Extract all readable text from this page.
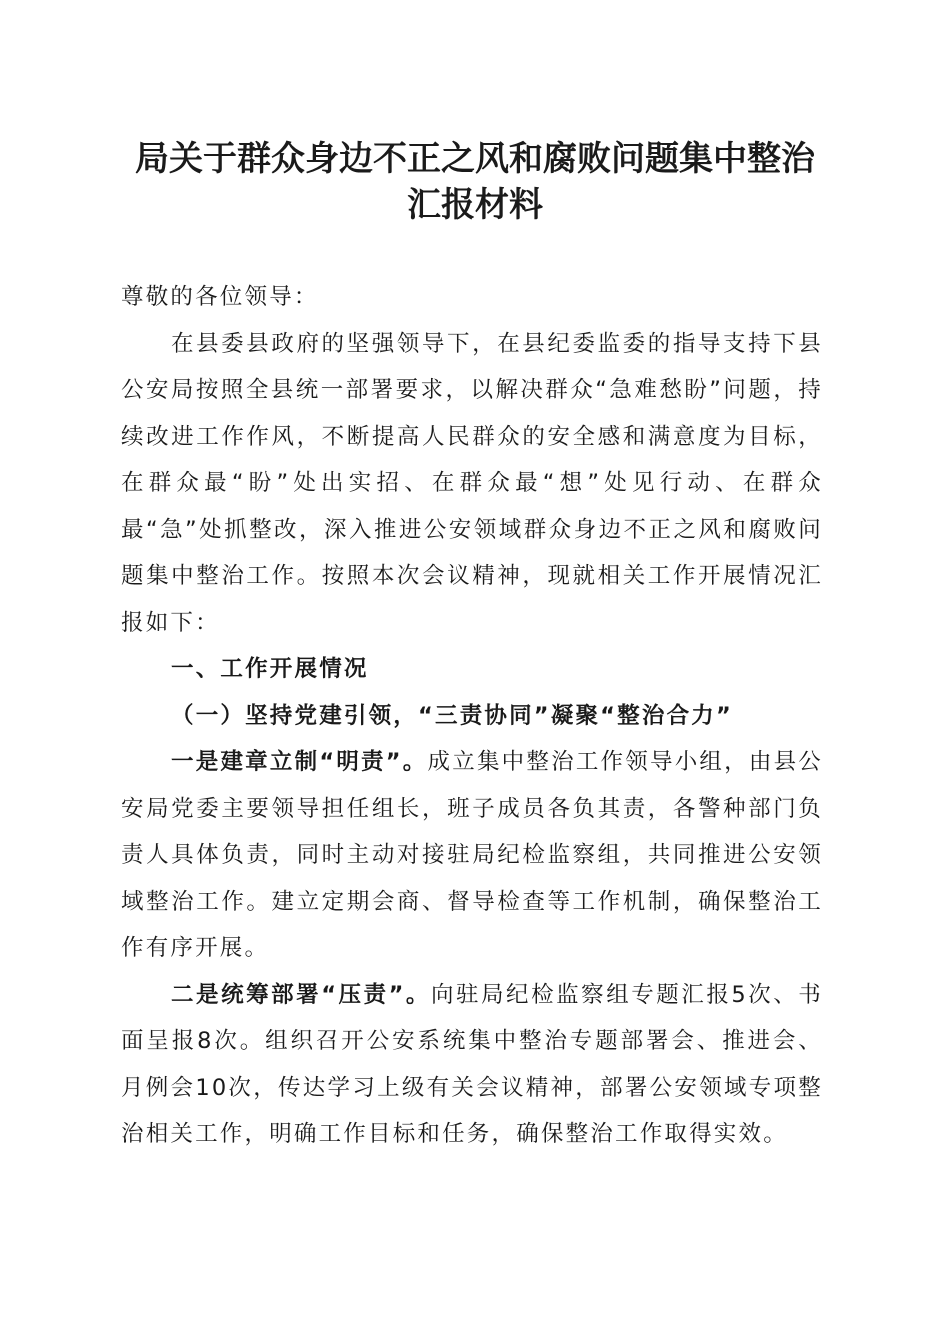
局关于群众身边不正之风和腐败问题集中整治
汇报材料

尊敬的各位领导：

在县委县政府的坚强领导下，在县纪委监委的指导支持下县公安局按照全县统一部署要求，以解决群众“急难愁盼”问题，持续改进工作作风，不断提高人民群众的安全感和满意度为目标，在群众最“盼”处出实招、在群众最“想”处见行动、在群众最“急”处抓整改，深入推进公安领域群众身边不正之风和腐败问题集中整治工作。按照本次会议精神，现就相关工作开展情况汇报如下：

一、工作开展情况

（一）坚持党建引领，“三责协同”凝聚“整治合力”

一是建章立制“明责”。成立集中整治工作领导小组，由县公安局党委主要领导担任组长，班子成员各负其责，各警种部门负责人具体负责，同时主动对接驻局纪检监察组，共同推进公安领域整治工作。建立定期会商、督导检查等工作机制，确保整治工作有序开展。

二是统筹部署“压责”。向驻局纪检监察组专题汇报5次、书面呈报8次。组织召开公安系统集中整治专题部署会、推进会、月例会10次，传达学习上级有关会议精神，部署公安领域专项整治相关工作，明确工作目标和任务，确保整治工作取得实效。
